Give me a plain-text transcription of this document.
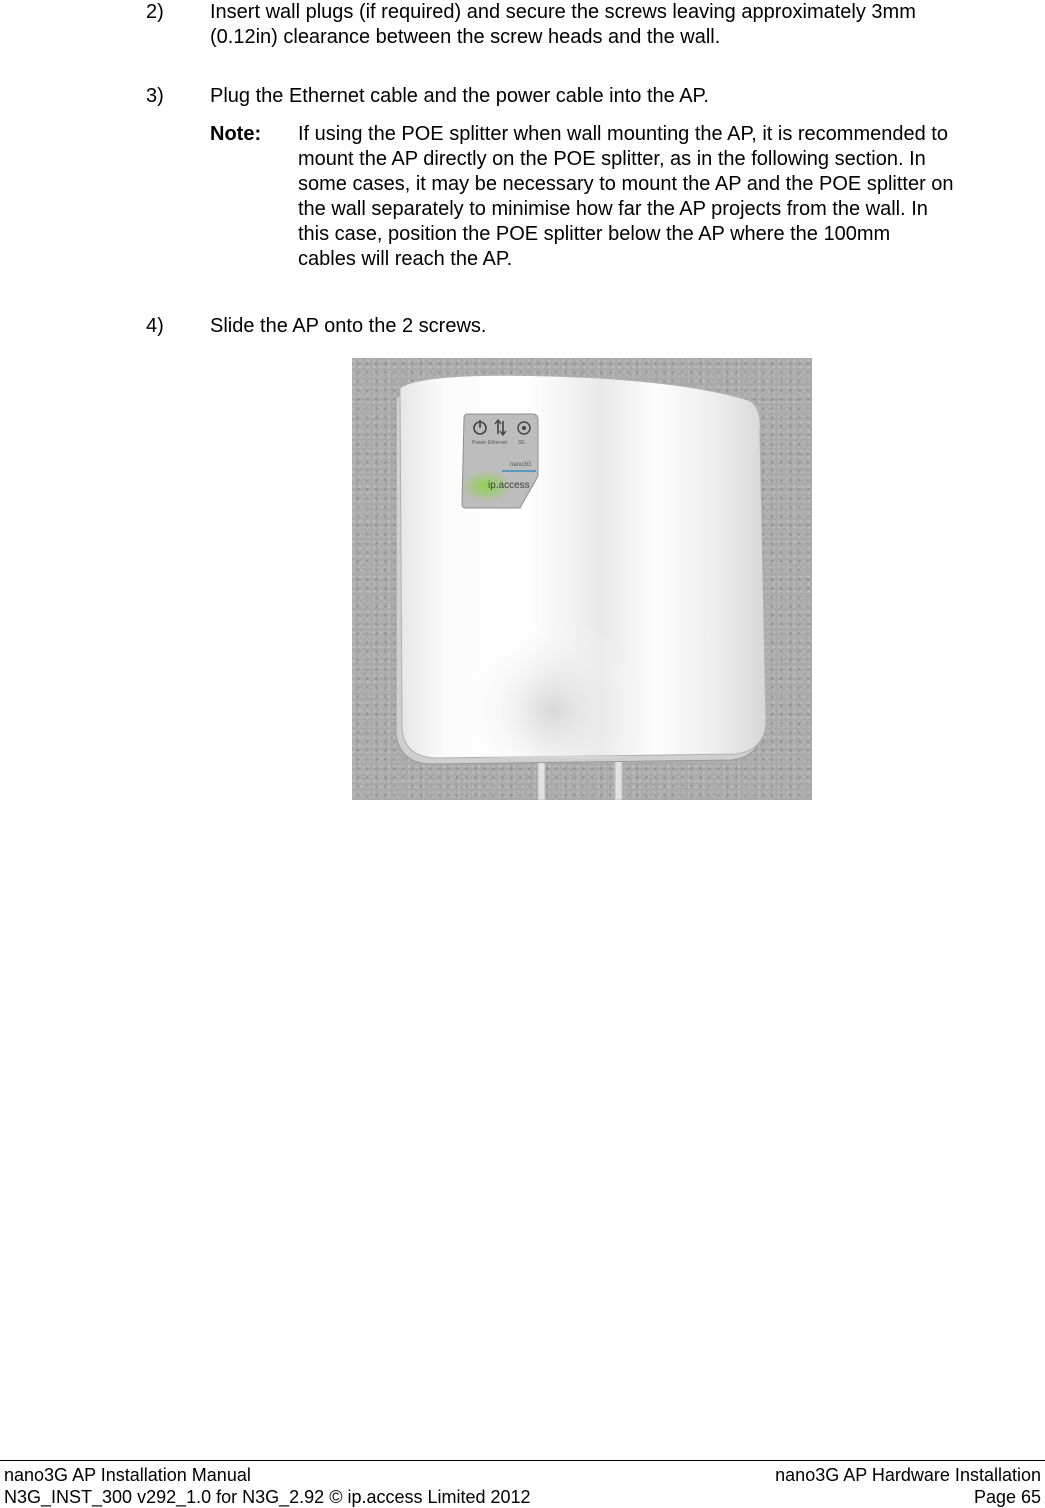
2) Insert wall plugs (if required) and secure the screws leaving approximately 3mm
(0.12in) clearance between the screw heads and the wall.
3) Plug the Ethernet cable and the power cable into the AP.
Note: If using the POE splitter when wall mounting the AP, it is recommended to
mount the AP directly on the POE splitter, as in the following section. In
some cases, it may be necessary to mount the AP and the POE splitter on
the wall separately to minimise how far the AP projects from the wall. In
this case, position the POE splitter below the AP where the 100mm
cables will reach the AP.
4) Slide the AP onto the 2 screws.
Power Ethernet 3G
nano3G
ip.access
nano3G AP Installation Manual
N3G_INST_300 v292_1.0 for N3G_2.92 © ip.access Limited 2012
nano3G AP Hardware Installation
Page 65
